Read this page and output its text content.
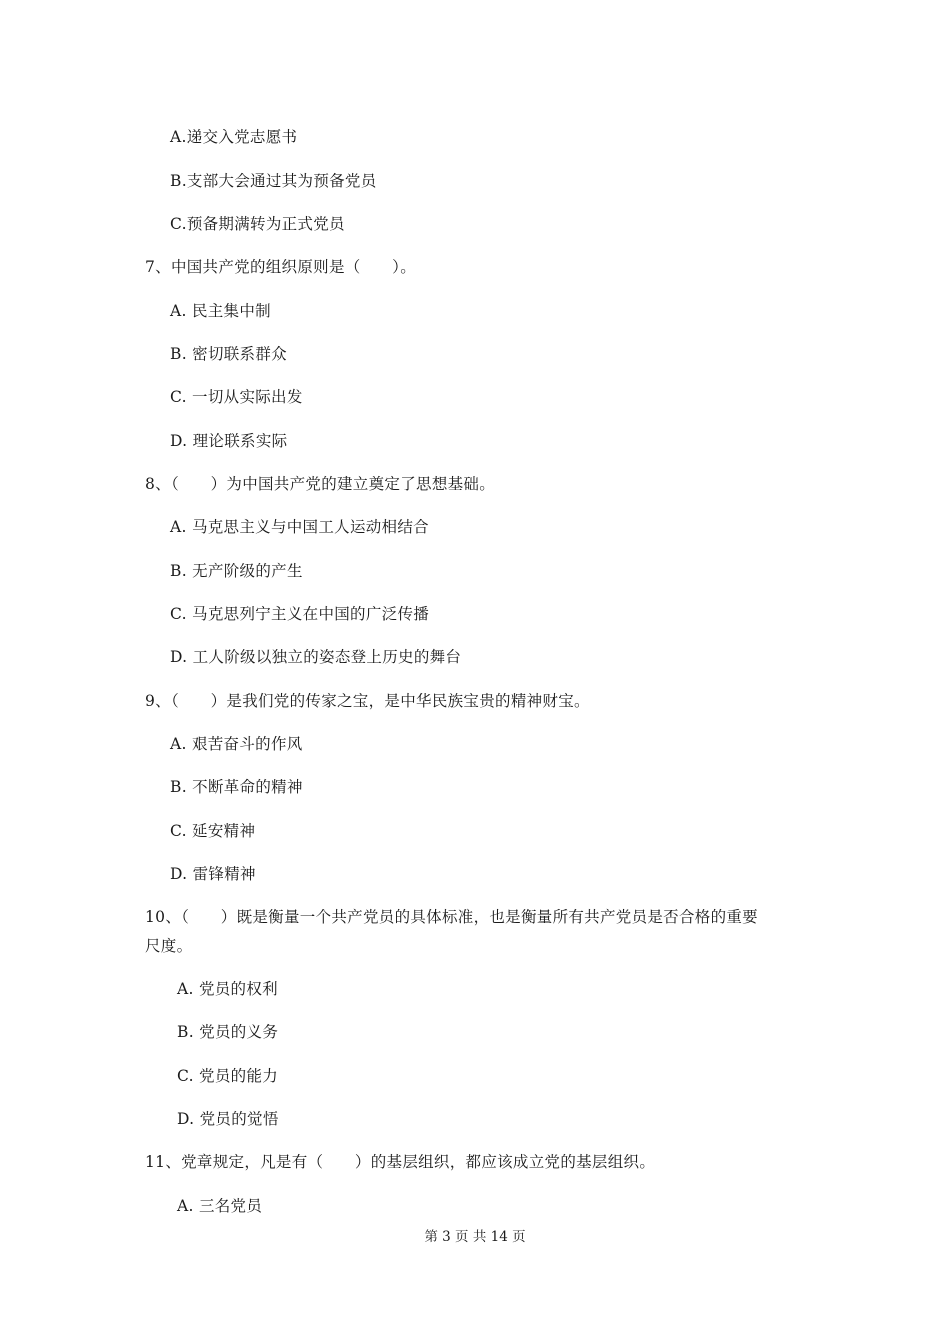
A.递交入党志愿书
B.支部大会通过其为预备党员
C.预备期满转为正式党员
7、中国共产党的组织原则是（　　）。
A. 民主集中制
B. 密切联系群众
C. 一切从实际出发
D. 理论联系实际
8、（　　）为中国共产党的建立奠定了思想基础。
A. 马克思主义与中国工人运动相结合
B. 无产阶级的产生
C. 马克思列宁主义在中国的广泛传播
D. 工人阶级以独立的姿态登上历史的舞台
9、（　　）是我们党的传家之宝，是中华民族宝贵的精神财宝。
A. 艰苦奋斗的作风
B. 不断革命的精神
C. 延安精神
D. 雷锋精神
10、（　　）既是衡量一个共产党员的具体标准，也是衡量所有共产党员是否合格的重要
尺度。
A. 党员的权利
B. 党员的义务
C. 党员的能力
D. 党员的觉悟
11、党章规定，凡是有（　　）的基层组织，都应该成立党的基层组织。
A. 三名党员
第 3 页 共 14 页
